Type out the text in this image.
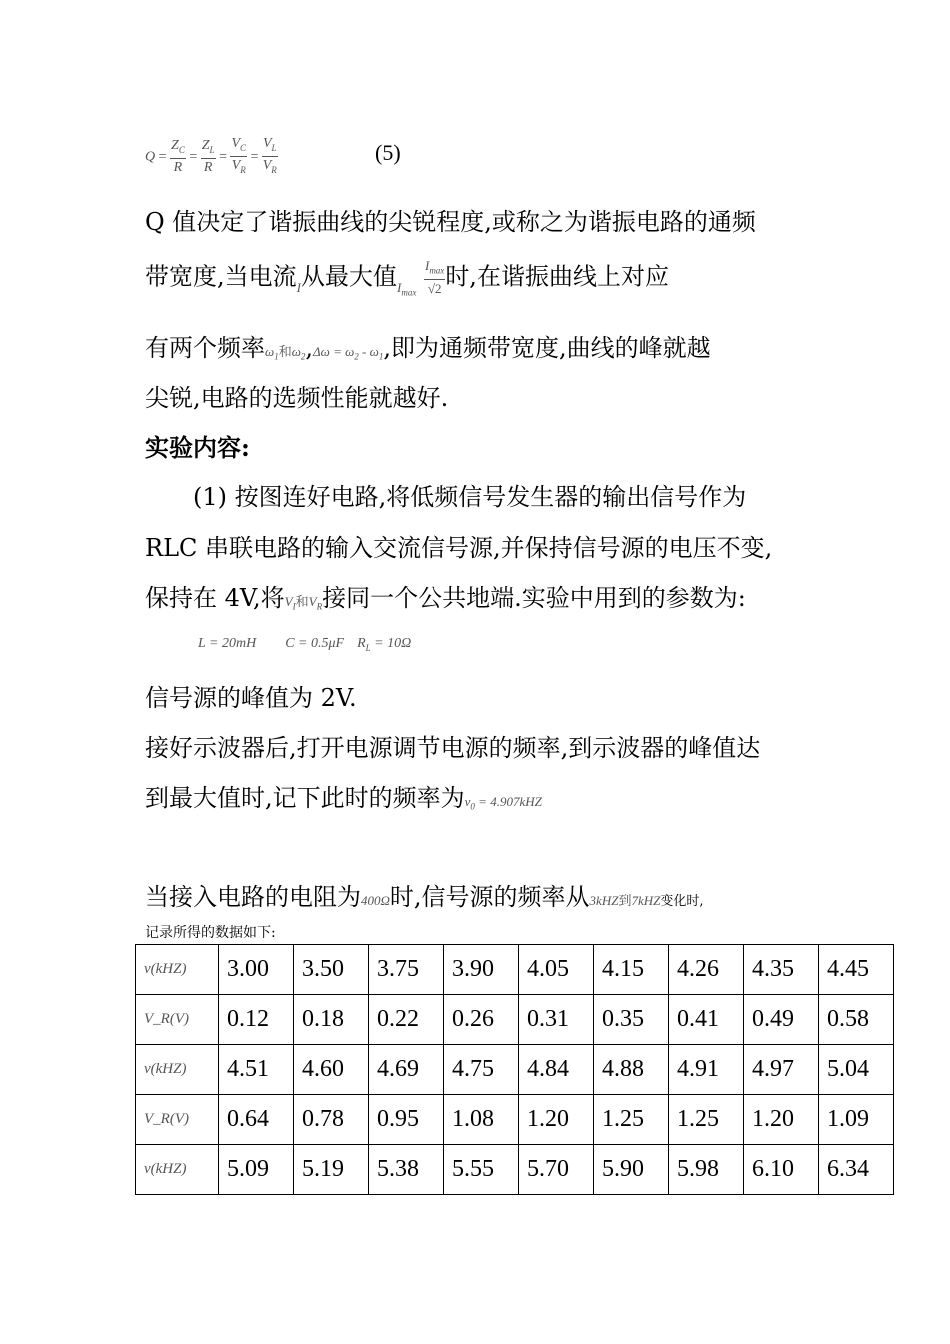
$Q = \frac{Z_C}{R} = \frac{Z_L}{R} = \frac{V_C}{V_R} = \frac{V_L}{V_R}$	(5)
Q 值决定了谐振曲线的尖锐程度,或称之为谐振电路的通频
带宽度,当电流$_I$从最大值$_{I_{max}} \frac{I_{max}}{√2}$ 时,在谐振曲线上对应
有两个频率$\omega_1$和$\omega_2,\Delta\omega = \omega_2 - \omega_1$,即为通频带宽度,曲线的峰就越
尖锐,电路的选频性能就越好.
实验内容:
(1) 按图连好电路,将低频信号发生器的输出信号作为
RLC 串联电路的输入交流信号源,并保持信号源的电压不变,
保持在 4V,将$V_I$和$V_R$接同一个公共地端.实验中用到的参数为:
L = 20mH C = 0.5μF $R_L = 10\Omega$
信号源的峰值为 2V.
接好示波器后,打开电源调节电源的频率,到示波器的峰值达
到最大值时,记下此时的频率为$\nu_0 = 4.907kHZ$
当接入电路的电阻为400Ω时,信号源的频率从3kHZ到7kHZ变化时,
记录所得的数据如下:
ν(kHZ)	3.00	3.50	3.75	3.90	4.05	4.15	4.26	4.35	4.45
V_R(V)	0.12	0.18	0.22	0.26	0.31	0.35	0.41	0.49	0.58
ν(kHZ)	4.51	4.60	4.69	4.75	4.84	4.88	4.91	4.97	5.04
V_R(V)	0.64	0.78	0.95	1.08	1.20	1.25	1.25	1.20	1.09
ν(kHZ)	5.09	5.19	5.38	5.55	5.70	5.90	5.98	6.10	6.34
